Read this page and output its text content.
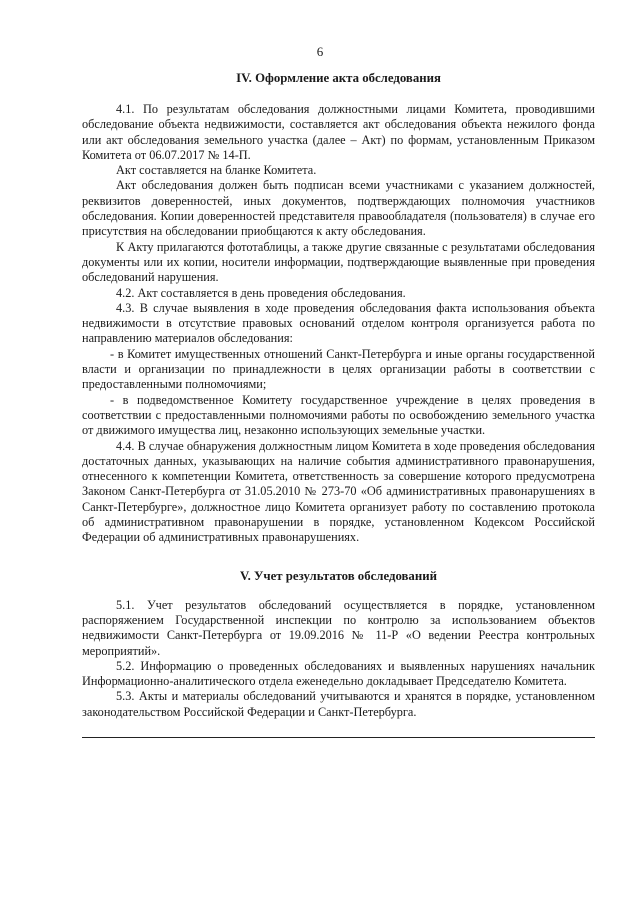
6
IV. Оформление акта обследования

4.1. По результатам обследования должностными лицами Комитета, проводившими обследование объекта недвижимости, составляется акт обследования объекта нежилого фонда или акт обследования земельного участка (далее – Акт) по формам, установленным Приказом Комитета от 06.07.2017 № 14-П.

Акт составляется на бланке Комитета.

Акт обследования должен быть подписан всеми участниками с указанием должностей, реквизитов доверенностей, иных документов, подтверждающих полномочия участников обследования. Копии доверенностей представителя правообладателя (пользователя) в случае его присутствия на обследовании приобщаются к акту обследования.

К Акту прилагаются фототаблицы, а также другие связанные с результатами обследования документы или их копии, носители информации, подтверждающие выявленные при проведения обследований нарушения.

4.2. Акт составляется в день проведения обследования.

4.3. В случае выявления в ходе проведения обследования факта использования объекта недвижимости в отсутствие правовых оснований отделом контроля организуется работа по направлению материалов обследования:

- в Комитет имущественных отношений Санкт-Петербурга и иные органы государственной власти и организации по принадлежности в целях организации работы в соответствии с предоставленными полномочиями;

- в подведомственное Комитету государственное учреждение в целях проведения в соответствии с предоставленными полномочиями работы по освобождению земельного участка от движимого имущества лиц, незаконно использующих земельные участки.

4.4. В случае обнаружения должностным лицом Комитета в ходе проведения обследования достаточных данных, указывающих на наличие события административного правонарушения, отнесенного к компетенции Комитета, ответственность за совершение которого предусмотрена Законом Санкт-Петербурга от 31.05.2010 № 273-70 «Об административных правонарушениях в Санкт-Петербурге», должностное лицо Комитета организует работу по составлению протокола об административном правонарушении в порядке, установленном Кодексом Российской Федерации об административных правонарушениях.

V. Учет результатов обследований

5.1. Учет результатов обследований осуществляется в порядке, установленном распоряжением Государственной инспекции по контролю за использованием объектов недвижимости Санкт-Петербурга от 19.09.2016 № 11-Р «О ведении Реестра контрольных мероприятий».

5.2. Информацию о проведенных обследованиях и выявленных нарушениях начальник Информационно-аналитического отдела еженедельно докладывает Председателю Комитета.

5.3. Акты и материалы обследований учитываются и хранятся в порядке, установленном законодательством Российской Федерации и Санкт-Петербурга.
